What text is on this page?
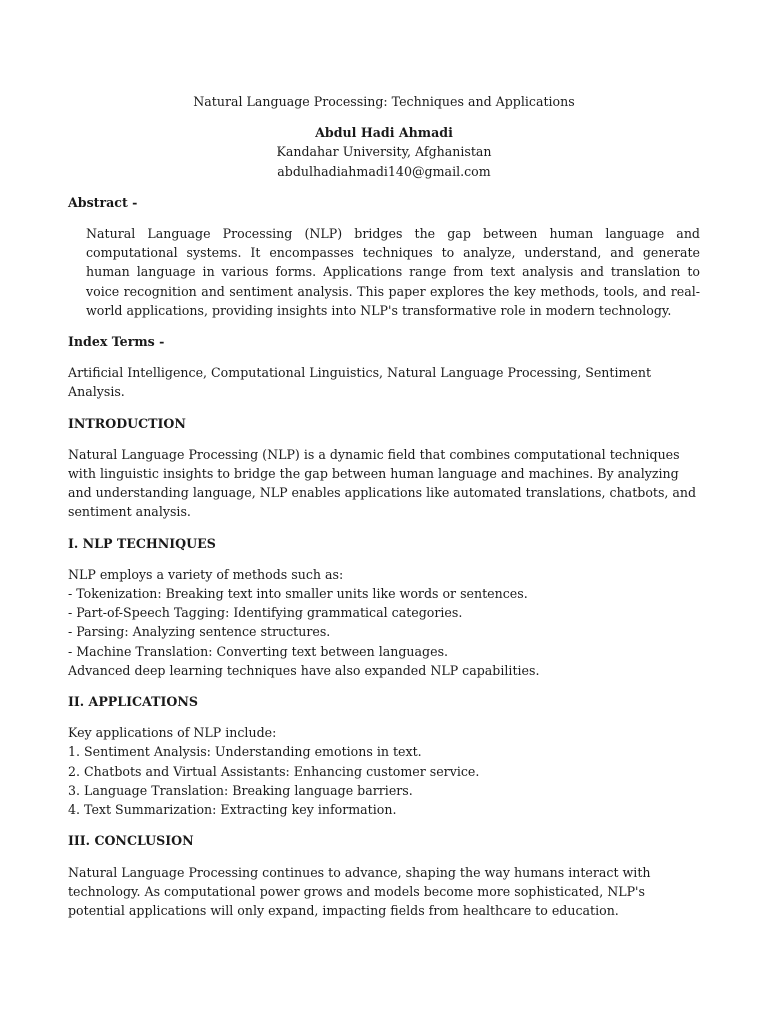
Natural Language Processing: Techniques and Applications

Abdul Hadi Ahmadi

Kandahar University, Afghanistan

abdulhadiahmadi140@gmail.com

Abstract -

Natural Language Processing (NLP) bridges the gap between human language and computational systems. It encompasses techniques to analyze, understand, and generate human language in various forms. Applications range from text analysis and translation to voice recognition and sentiment analysis. This paper explores the key methods, tools, and real-world applications, providing insights into NLP's transformative role in modern technology.

Index Terms -

Artificial Intelligence, Computational Linguistics, Natural Language Processing, Sentiment Analysis.

INTRODUCTION

Natural Language Processing (NLP) is a dynamic field that combines computational techniques with linguistic insights to bridge the gap between human language and machines. By analyzing and understanding language, NLP enables applications like automated translations, chatbots, and sentiment analysis.

I. NLP TECHNIQUES

NLP employs a variety of methods such as:
- Tokenization: Breaking text into smaller units like words or sentences.
- Part-of-Speech Tagging: Identifying grammatical categories.
- Parsing: Analyzing sentence structures.
- Machine Translation: Converting text between languages.
Advanced deep learning techniques have also expanded NLP capabilities.

II. APPLICATIONS

Key applications of NLP include:
1. Sentiment Analysis: Understanding emotions in text.
2. Chatbots and Virtual Assistants: Enhancing customer service.
3. Language Translation: Breaking language barriers.
4. Text Summarization: Extracting key information.

III. CONCLUSION

Natural Language Processing continues to advance, shaping the way humans interact with technology. As computational power grows and models become more sophisticated, NLP's potential applications will only expand, impacting fields from healthcare to education.
